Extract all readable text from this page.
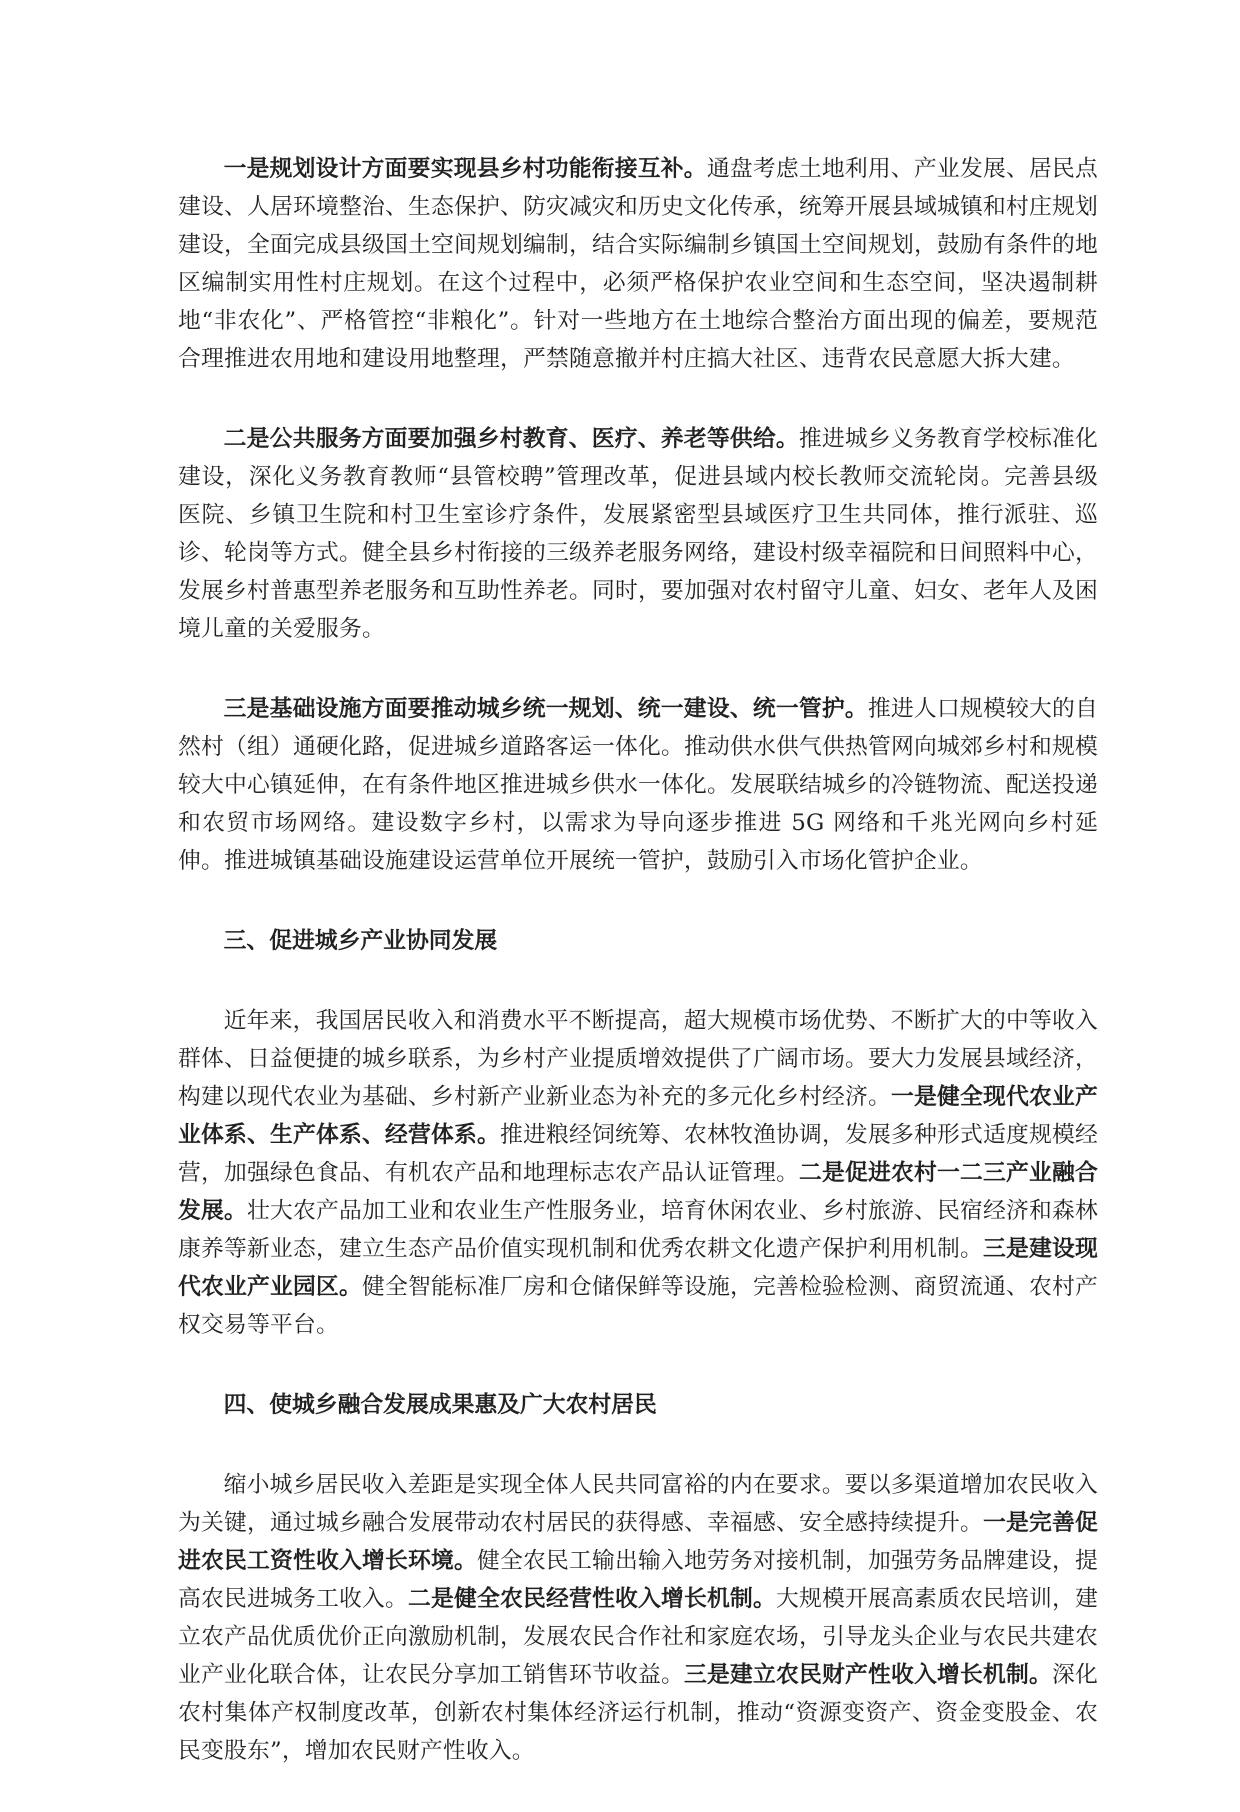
一是规划设计方面要实现县乡村功能衔接互补。通盘考虑土地利用、产业发展、居民点建设、人居环境整治、生态保护、防灾减灾和历史文化传承，统筹开展县域城镇和村庄规划建设，全面完成县级国土空间规划编制，结合实际编制乡镇国土空间规划，鼓励有条件的地区编制实用性村庄规划。在这个过程中，必须严格保护农业空间和生态空间，坚决遏制耕地“非农化”、严格管控“非粮化”。针对一些地方在土地综合整治方面出现的偏差，要规范合理推进农用地和建设用地整理，严禁随意撤并村庄搞大社区、违背农民意愿大拆大建。

二是公共服务方面要加强乡村教育、医疗、养老等供给。推进城乡义务教育学校标准化建设，深化义务教育教师“县管校聘”管理改革，促进县域内校长教师交流轮岗。完善县级医院、乡镇卫生院和村卫生室诊疗条件，发展紧密型县域医疗卫生共同体，推行派驻、巡诊、轮岗等方式。健全县乡村衔接的三级养老服务网络，建设村级幸福院和日间照料中心，发展乡村普惠型养老服务和互助性养老。同时，要加强对农村留守儿童、妇女、老年人及困境儿童的关爱服务。

三是基础设施方面要推动城乡统一规划、统一建设、统一管护。推进人口规模较大的自然村（组）通硬化路，促进城乡道路客运一体化。推动供水供气供热管网向城郊乡村和规模较大中心镇延伸，在有条件地区推进城乡供水一体化。发展联结城乡的冷链物流、配送投递和农贸市场网络。建设数字乡村，以需求为导向逐步推进 5G 网络和千兆光网向乡村延伸。推进城镇基础设施建设运营单位开展统一管护，鼓励引入市场化管护企业。

三、促进城乡产业协同发展

近年来，我国居民收入和消费水平不断提高，超大规模市场优势、不断扩大的中等收入群体、日益便捷的城乡联系，为乡村产业提质增效提供了广阔市场。要大力发展县域经济，构建以现代农业为基础、乡村新产业新业态为补充的多元化乡村经济。一是健全现代农业产业体系、生产体系、经营体系。推进粮经饲统筹、农林牧渔协调，发展多种形式适度规模经营，加强绿色食品、有机农产品和地理标志农产品认证管理。二是促进农村一二三产业融合发展。壮大农产品加工业和农业生产性服务业，培育休闲农业、乡村旅游、民宿经济和森林康养等新业态，建立生态产品价值实现机制和优秀农耕文化遗产保护利用机制。三是建设现代农业产业园区。健全智能标准厂房和仓储保鲜等设施，完善检验检测、商贸流通、农村产权交易等平台。

四、使城乡融合发展成果惠及广大农村居民

缩小城乡居民收入差距是实现全体人民共同富裕的内在要求。要以多渠道增加农民收入为关键，通过城乡融合发展带动农村居民的获得感、幸福感、安全感持续提升。一是完善促进农民工资性收入增长环境。健全农民工输出输入地劳务对接机制，加强劳务品牌建设，提高农民进城务工收入。二是健全农民经营性收入增长机制。大规模开展高素质农民培训，建立农产品优质优价正向激励机制，发展农民合作社和家庭农场，引导龙头企业与农民共建农业产业化联合体，让农民分享加工销售环节收益。三是建立农民财产性收入增长机制。深化农村集体产权制度改革，创新农村集体经济运行机制，推动“资源变资产、资金变股金、农民变股东”，增加农民财产性收入。
